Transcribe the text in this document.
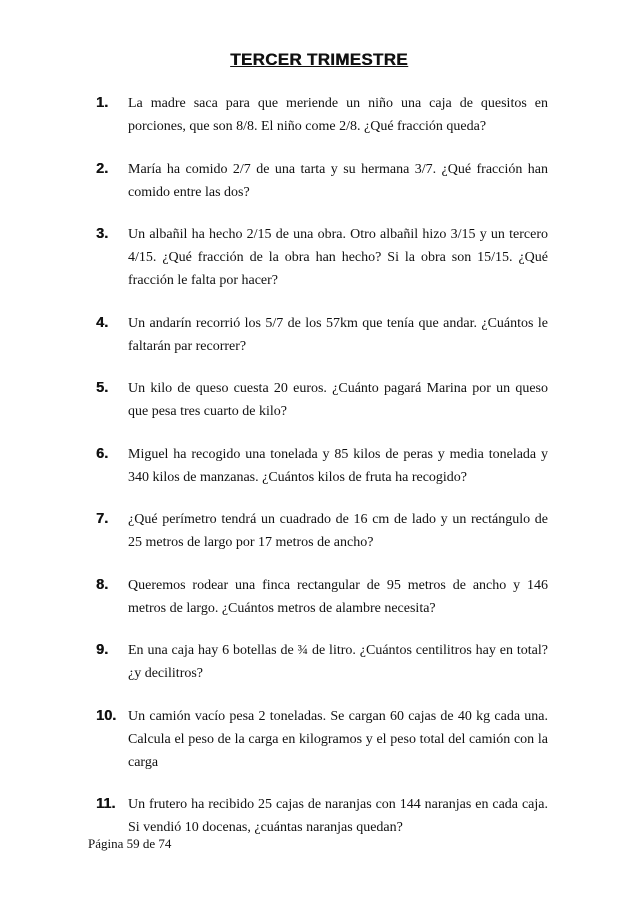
TERCER TRIMESTRE
1. La madre saca para que meriende un niño una caja de quesitos en porciones, que son 8/8. El niño come 2/8. ¿Qué fracción queda?
2. María ha comido 2/7 de una tarta y su hermana 3/7. ¿Qué fracción han comido entre las dos?
3. Un albañil ha hecho 2/15 de una obra. Otro albañil hizo 3/15 y un tercero 4/15. ¿Qué fracción de la obra han hecho? Si la obra son 15/15. ¿Qué fracción le falta por hacer?
4. Un andarín recorrió los 5/7 de los 57km que tenía que andar. ¿Cuántos le faltarán par recorrer?
5. Un kilo de queso cuesta 20 euros. ¿Cuánto pagará Marina por un queso que pesa tres cuarto de kilo?
6. Miguel ha recogido una tonelada y 85 kilos de peras y media tonelada y 340 kilos de manzanas. ¿Cuántos kilos de fruta ha recogido?
7. ¿Qué perímetro tendrá un cuadrado de 16 cm de lado y un rectángulo de 25 metros de largo por 17 metros de ancho?
8. Queremos rodear una finca rectangular de 95 metros de ancho y 146 metros de largo. ¿Cuántos metros de alambre necesita?
9. En una caja hay 6 botellas de ¾ de litro. ¿Cuántos centilitros hay en total? ¿y decilitros?
10. Un camión vacío pesa 2 toneladas. Se cargan 60 cajas de 40 kg cada una. Calcula el peso de la carga en kilogramos y el peso total del camión con la carga
11. Un frutero ha recibido 25 cajas de naranjas con 144 naranjas en cada caja. Si vendió 10 docenas, ¿cuántas naranjas quedan?
Página 59 de 74
